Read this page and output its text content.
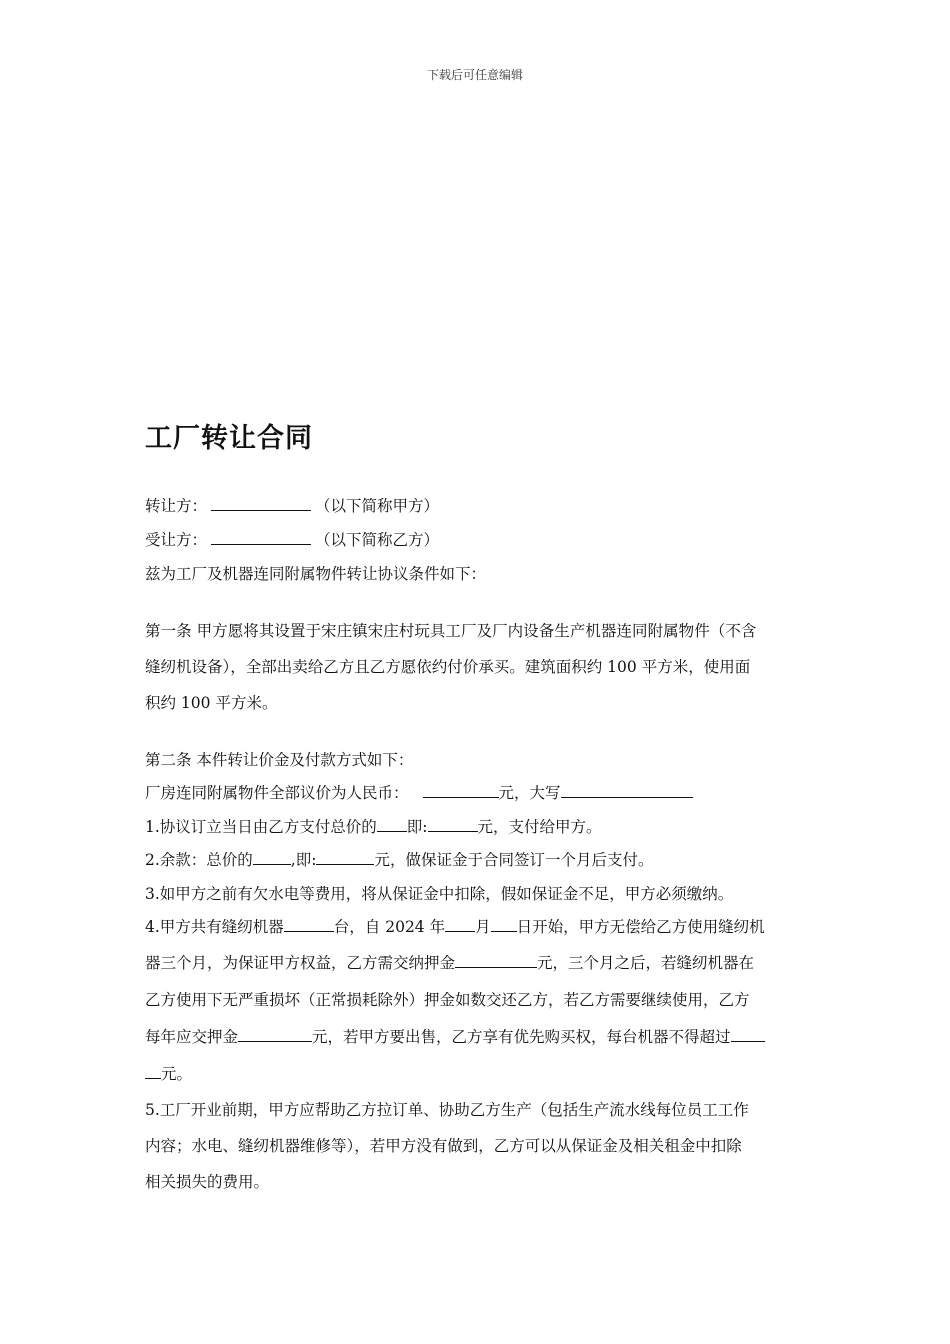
下载后可任意编辑
工厂转让合同
转让方：	（以下简称甲方）
受让方：	（以下简称乙方）
兹为工厂及机器连同附属物件转让协议条件如下：
第一条 甲方愿将其设置于宋庄镇宋庄村玩具工厂及厂内设备生产机器连同附属物件（不含
缝纫机设备），全部出卖给乙方且乙方愿依约付价承买。建筑面积约 100 平方米，使用面
积约 100 平方米。
第二条 本件转让价金及付款方式如下：
厂房连同附属物件全部议价为人民币：	元，大写
1.协议订立当日由乙方支付总价的 即:	元，支付给甲方。
2.余款：总价的 ,即:	元，做保证金于合同签订一个月后支付。
3.如甲方之前有欠水电等费用，将从保证金中扣除，假如保证金不足，甲方必须缴纳。
4.甲方共有缝纫机器	台，自 2024 年 月 日开始，甲方无偿给乙方使用缝纫机
器三个月，为保证甲方权益，乙方需交纳押金	元，三个月之后，若缝纫机器在
乙方使用下无严重损坏（正常损耗除外）押金如数交还乙方，若乙方需要继续使用，乙方
每年应交押金	元，若甲方要出售，乙方享有优先购买权，每台机器不得超过
元。
5.工厂开业前期，甲方应帮助乙方拉订单、协助乙方生产（包括生产流水线每位员工工作
内容；水电、缝纫机器维修等），若甲方没有做到，乙方可以从保证金及相关租金中扣除
相关损失的费用。
